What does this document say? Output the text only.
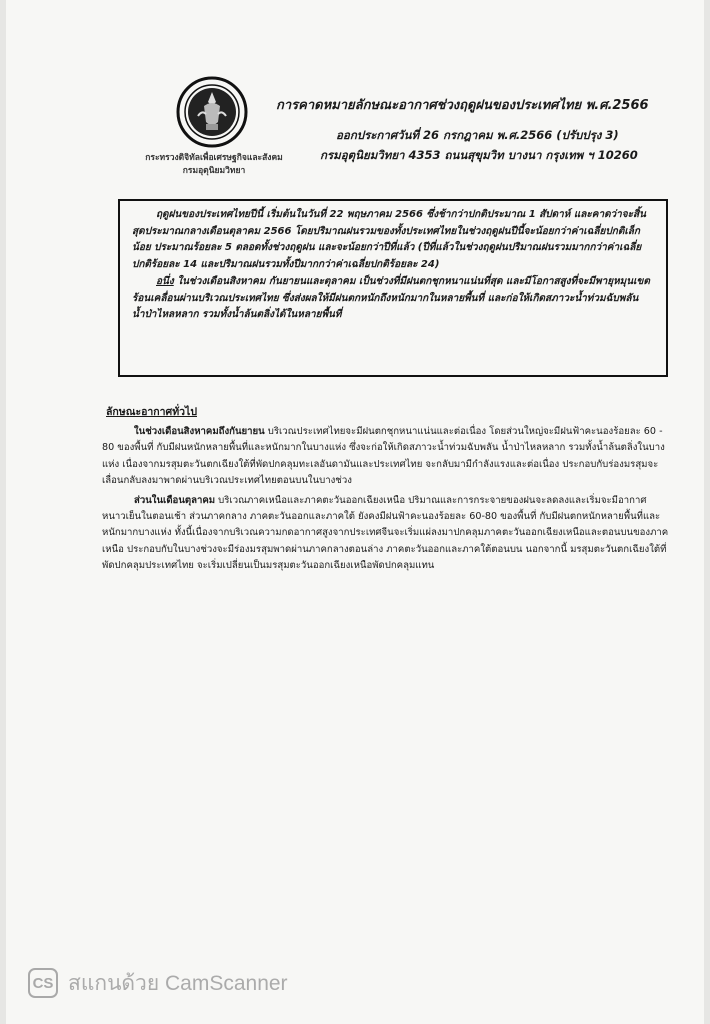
กระทรวงดิจิทัลเพื่อเศรษฐกิจและสังคม
กรมอุตุนิยมวิทยา
การคาดหมายลักษณะอากาศช่วงฤดูฝนของประเทศไทย พ.ศ.2566
ออกประกาศวันที่ 26 กรกฎาคม พ.ศ.2566 (ปรับปรุง 3)
กรมอุตุนิยมวิทยา 4353 ถนนสุขุมวิท บางนา กรุงเทพ ฯ 10260

ฤดูฝนของประเทศไทยปีนี้ เริ่มต้นในวันที่ 22 พฤษภาคม 2566 ซึ่งช้ากว่าปกติประมาณ 1 สัปดาห์ และคาดว่าจะสิ้นสุดประมาณกลางเดือนตุลาคม 2566 โดยปริมาณฝนรวมของทั้งประเทศไทยในช่วงฤดูฝนปีนี้จะน้อยกว่าค่าเฉลี่ยปกติเล็กน้อย ประมาณร้อยละ 5 ตลอดทั้งช่วงฤดูฝน และจะน้อยกว่าปีที่แล้ว (ปีที่แล้วในช่วงฤดูฝนปริมาณฝนรวมมากกว่าค่าเฉลี่ยปกติร้อยละ 14 และปริมาณฝนรวมทั้งปีมากกว่าค่าเฉลี่ยปกติร้อยละ 24)

อนึ่ง ในช่วงเดือนสิงหาคม กันยายนและตุลาคม เป็นช่วงที่มีฝนตกชุกหนาแน่นที่สุด และมีโอกาสสูงที่จะมีพายุหมุนเขตร้อนเคลื่อนผ่านบริเวณประเทศไทย ซึ่งส่งผลให้มีฝนตกหนักถึงหนักมากในหลายพื้นที่ และก่อให้เกิดสภาวะน้ำท่วมฉับพลัน น้ำป่าไหลหลาก รวมทั้งน้ำล้นตลิ่งได้ในหลายพื้นที่

ลักษณะอากาศทั่วไป

ในช่วงเดือนสิงหาคมถึงกันยายน บริเวณประเทศไทยจะมีฝนตกชุกหนาแน่นและต่อเนื่อง โดยส่วนใหญ่จะมีฝนฟ้าคะนองร้อยละ 60 - 80 ของพื้นที่ กับมีฝนหนักหลายพื้นที่และหนักมากในบางแห่ง ซึ่งจะก่อให้เกิดสภาวะน้ำท่วมฉับพลัน น้ำป่าไหลหลาก รวมทั้งน้ำล้นตลิ่งในบางแห่ง เนื่องจากมรสุมตะวันตกเฉียงใต้ที่พัดปกคลุมทะเลอันดามันและประเทศไทย จะกลับมามีกำลังแรงและต่อเนื่อง ประกอบกับร่องมรสุมจะเลื่อนกลับลงมาพาดผ่านบริเวณประเทศไทยตอนบนในบางช่วง

ส่วนในเดือนตุลาคม บริเวณภาคเหนือและภาคตะวันออกเฉียงเหนือ ปริมาณและการกระจายของฝนจะลดลงและเริ่มจะมีอากาศหนาวเย็นในตอนเช้า ส่วนภาคกลาง ภาคตะวันออกและภาคใต้ ยังคงมีฝนฟ้าคะนองร้อยละ 60-80 ของพื้นที่ กับมีฝนตกหนักหลายพื้นที่และหนักมากบางแห่ง ทั้งนี้เนื่องจากบริเวณความกดอากาศสูงจากประเทศจีนจะเริ่มแผ่ลงมาปกคลุมภาคตะวันออกเฉียงเหนือและตอนบนของภาคเหนือ ประกอบกับในบางช่วงจะมีร่องมรสุมพาดผ่านภาคกลางตอนล่าง ภาคตะวันออกและภาคใต้ตอนบน นอกจากนี้ มรสุมตะวันตกเฉียงใต้ที่พัดปกคลุมประเทศไทย จะเริ่มเปลี่ยนเป็นมรสุมตะวันออกเฉียงเหนือพัดปกคลุมแทน

CS สแกนด้วย CamScanner
